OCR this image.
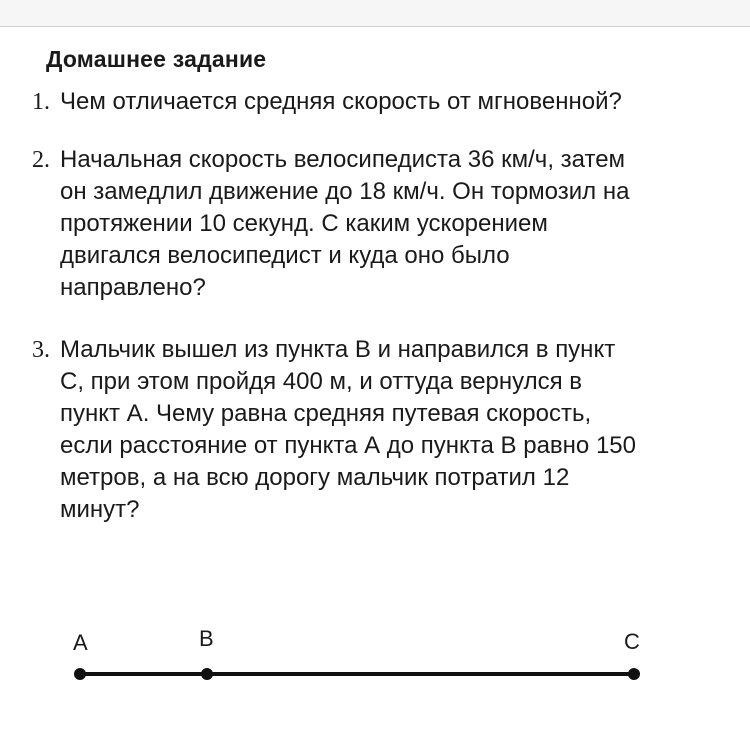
Домашнее задание
1. Чем отличается средняя скорость от мгновенной?
2. Начальная скорость велосипедиста 36 км/ч, затем
он замедлил движение до 18 км/ч. Он тормозил на
протяжении 10 секунд. С каким ускорением
двигался велосипедист и куда оно было
направлено?
3. Мальчик вышел из пункта В и направился в пункт
С, при этом пройдя 400 м, и оттуда вернулся в
пункт А. Чему равна средняя путевая скорость,
если расстояние от пункта А до пункта В равно 150
метров, а на всю дорогу мальчик потратил 12
минут?
A	B	C
